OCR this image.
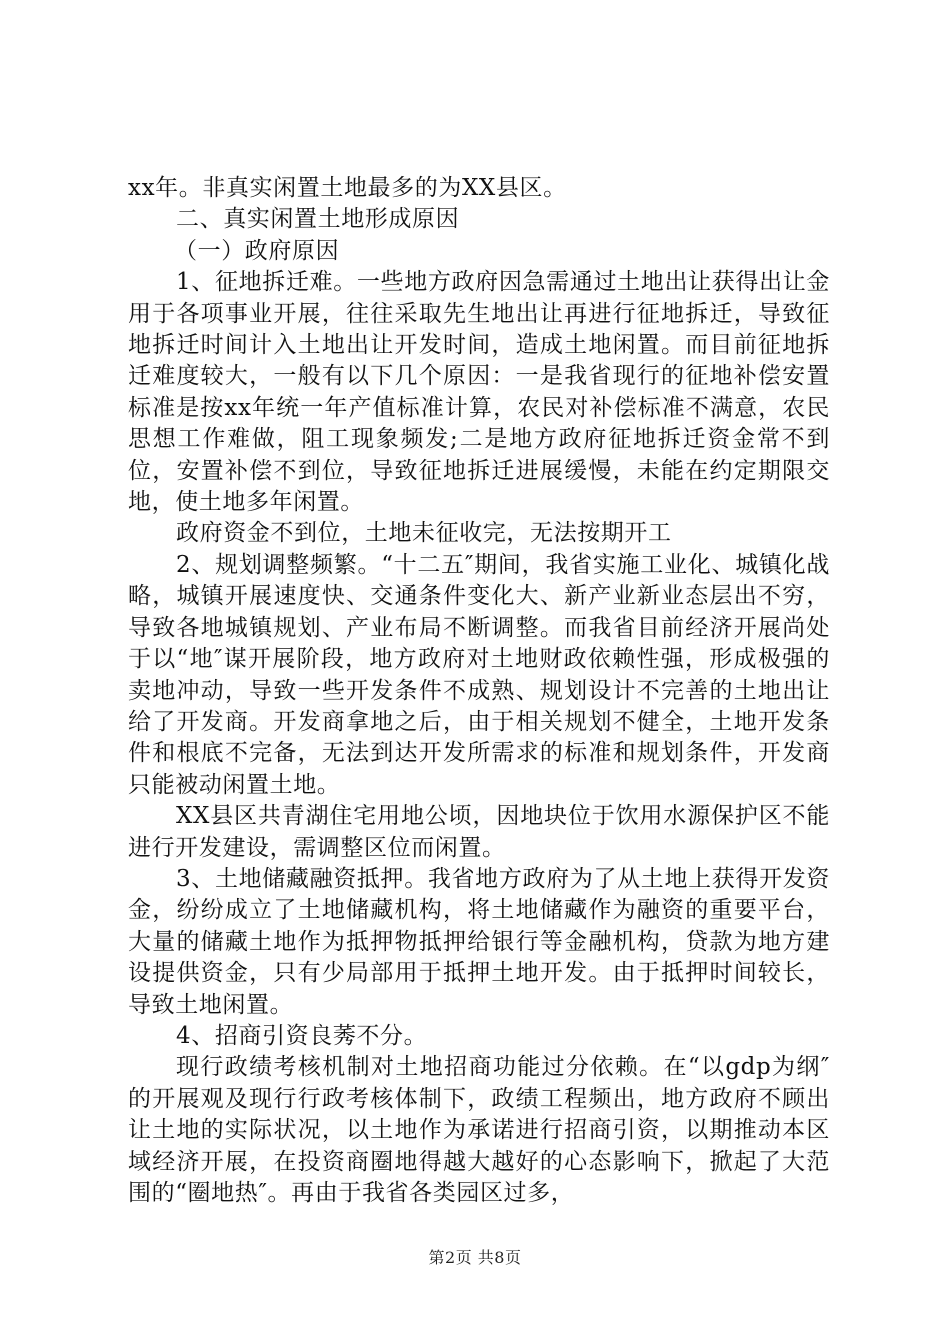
xx年。非真实闲置土地最多的为XX县区。

二、真实闲置土地形成原因

（一）政府原因

1、征地拆迁难。一些地方政府因急需通过土地出让获得出让金用于各项事业开展，往往采取先生地出让再进行征地拆迁，导致征地拆迁时间计入土地出让开发时间，造成土地闲置。而目前征地拆迁难度较大，一般有以下几个原因：一是我省现行的征地补偿安置标准是按xx年统一年产值标准计算，农民对补偿标准不满意，农民思想工作难做，阻工现象频发;二是地方政府征地拆迁资金常不到位，安置补偿不到位，导致征地拆迁进展缓慢，未能在约定期限交地，使土地多年闲置。

政府资金不到位，土地未征收完，无法按期开工

2、规划调整频繁。“十二五″期间，我省实施工业化、城镇化战略，城镇开展速度快、交通条件变化大、新产业新业态层出不穷，导致各地城镇规划、产业布局不断调整。而我省目前经济开展尚处于以“地″谋开展阶段，地方政府对土地财政依赖性强，形成极强的卖地冲动，导致一些开发条件不成熟、规划设计不完善的土地出让给了开发商。开发商拿地之后，由于相关规划不健全，土地开发条件和根底不完备，无法到达开发所需求的标准和规划条件，开发商只能被动闲置土地。

XX县区共青湖住宅用地公顷，因地块位于饮用水源保护区不能进行开发建设，需调整区位而闲置。

3、土地储藏融资抵押。我省地方政府为了从土地上获得开发资金，纷纷成立了土地储藏机构，将土地储藏作为融资的重要平台，大量的储藏土地作为抵押物抵押给银行等金融机构，贷款为地方建设提供资金，只有少局部用于抵押土地开发。由于抵押时间较长，导致土地闲置。

4、招商引资良莠不分。

现行政绩考核机制对土地招商功能过分依赖。在“以gdp为纲″的开展观及现行行政考核体制下，政绩工程频出，地方政府不顾出让土地的实际状况，以土地作为承诺进行招商引资，以期推动本区域经济开展，在投资商圈地得越大越好的心态影响下，掀起了大范围的“圈地热″。再由于我省各类园区过多，

第2页 共8页
